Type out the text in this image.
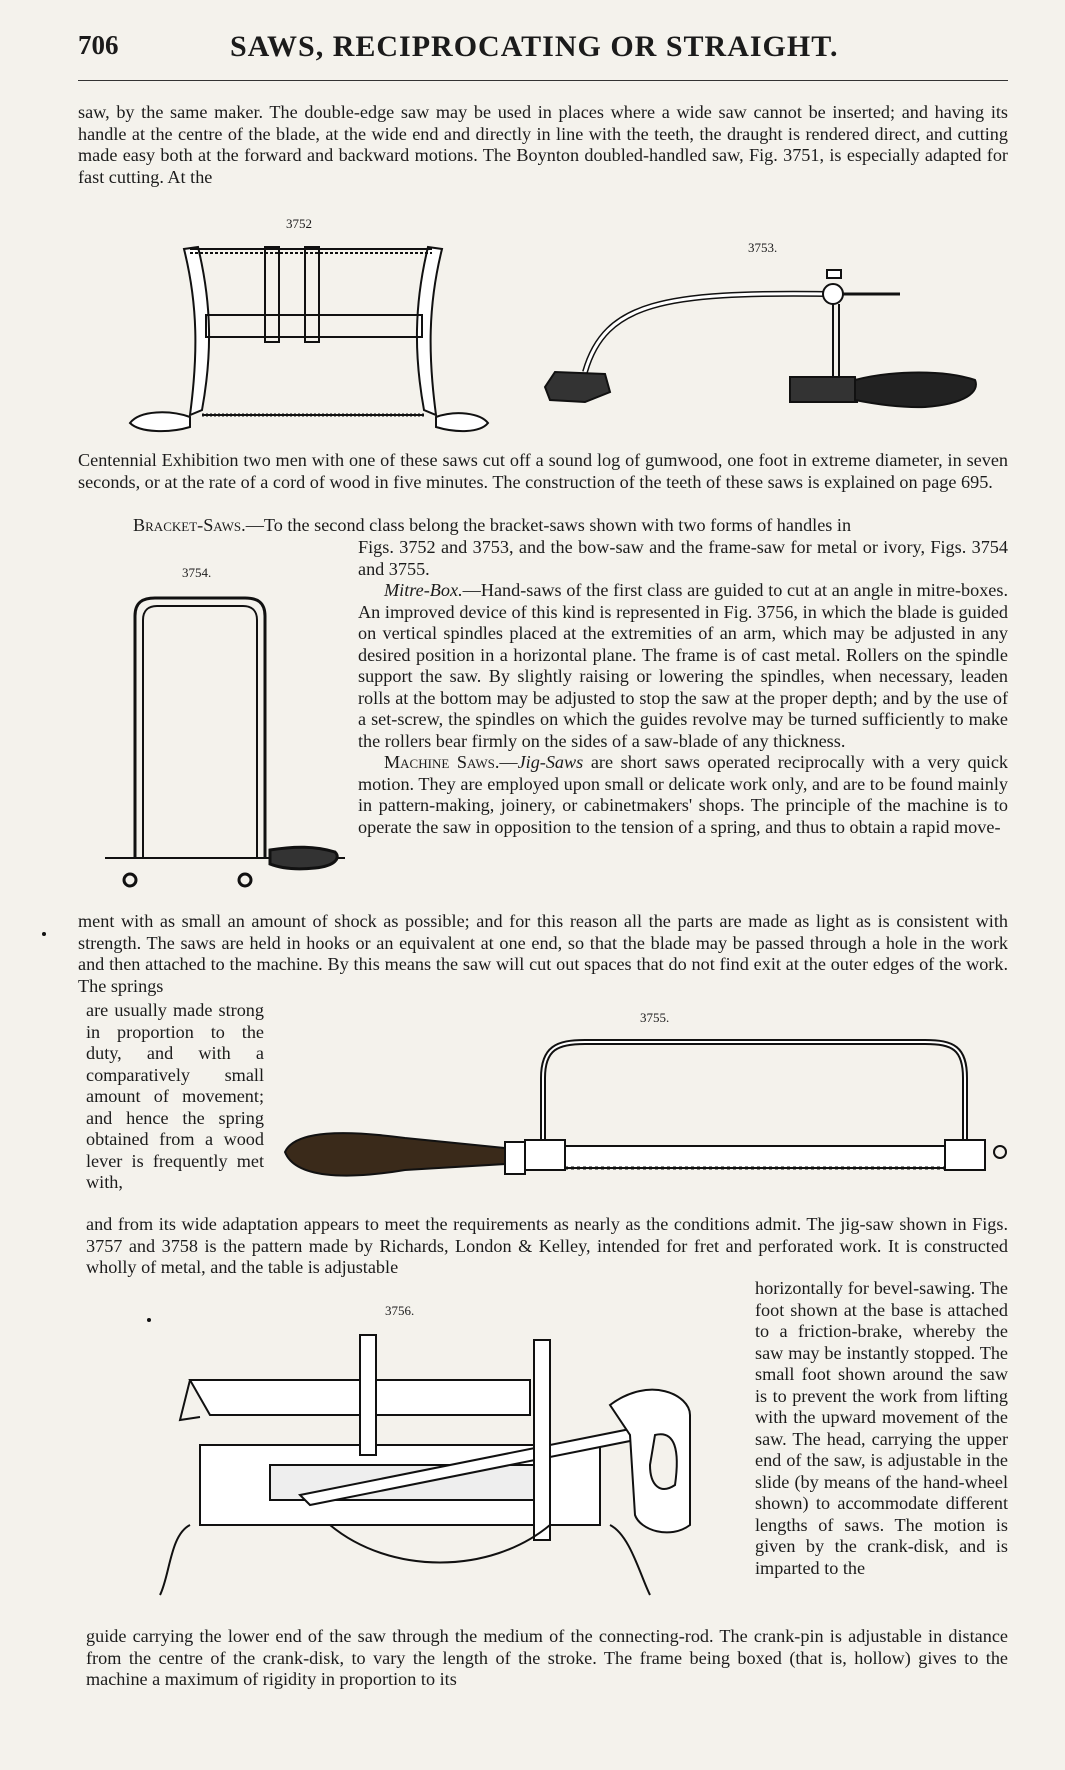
706	SAWS, RECIPROCATING OR STRAIGHT.

saw, by the same maker. The double-edge saw may be used in places where a wide saw cannot be inserted; and having its handle at the centre of the blade, at the wide end and directly in line with the teeth, the draught is rendered direct, and cutting made easy both at the forward and backward motions. The Boynton doubled-handled saw, Fig. 3751, is especially adapted for fast cutting. At the

3752
3753.

Centennial Exhibition two men with one of these saws cut off a sound log of gumwood, one foot in extreme diameter, in seven seconds, or at the rate of a cord of wood in five minutes. The construction of the teeth of these saws is explained on page 695.

Bracket-Saws.—To the second class belong the bracket-saws shown with two forms of handles in

3754.

Figs. 3752 and 3753, and the bow-saw and the frame-saw for metal or ivory, Figs. 3754 and 3755.

Mitre-Box.—Hand-saws of the first class are guided to cut at an angle in mitre-boxes. An improved device of this kind is represented in Fig. 3756, in which the blade is guided on vertical spindles placed at the extremities of an arm, which may be adjusted in any desired position in a horizontal plane. The frame is of cast metal. Rollers on the spindle support the saw. By slightly raising or lowering the spindles, when necessary, leaden rolls at the bottom may be adjusted to stop the saw at the proper depth; and by the use of a set-screw, the spindles on which the guides revolve may be turned sufficiently to make the rollers bear firmly on the sides of a saw-blade of any thickness.

Machine Saws.—Jig-Saws are short saws operated reciprocally with a very quick motion. They are employed upon small or delicate work only, and are to be found mainly in pattern-making, joinery, or cabinetmakers' shops. The principle of the machine is to operate the saw in opposition to the tension of a spring, and thus to obtain a rapid move-

ment with as small an amount of shock as possible; and for this reason all the parts are made as light as is consistent with strength. The saws are held in hooks or an equivalent at one end, so that the blade may be passed through a hole in the work and then attached to the machine. By this means the saw will cut out spaces that do not find exit at the outer edges of the work. The springs

are usually made strong in proportion to the duty, and with a comparatively small amount of movement; and hence the spring obtained from a wood lever is frequently met with,

3755.

and from its wide adaptation appears to meet the requirements as nearly as the conditions admit. The jig-saw shown in Figs. 3757 and 3758 is the pattern made by Richards, London & Kelley, intended for fret and perforated work. It is constructed wholly of metal, and the table is adjustable

3756.

horizontally for bevel-sawing. The foot shown at the base is attached to a friction-brake, whereby the saw may be instantly stopped. The small foot shown around the saw is to prevent the work from lifting with the upward movement of the saw. The head, carrying the upper end of the saw, is adjustable in the slide (by means of the hand-wheel shown) to accommodate different lengths of saws. The motion is given by the crank-disk, and is imparted to the

guide carrying the lower end of the saw through the medium of the connecting-rod. The crank-pin is adjustable in distance from the centre of the crank-disk, to vary the length of the stroke. The frame being boxed (that is, hollow) gives to the machine a maximum of rigidity in proportion to its
